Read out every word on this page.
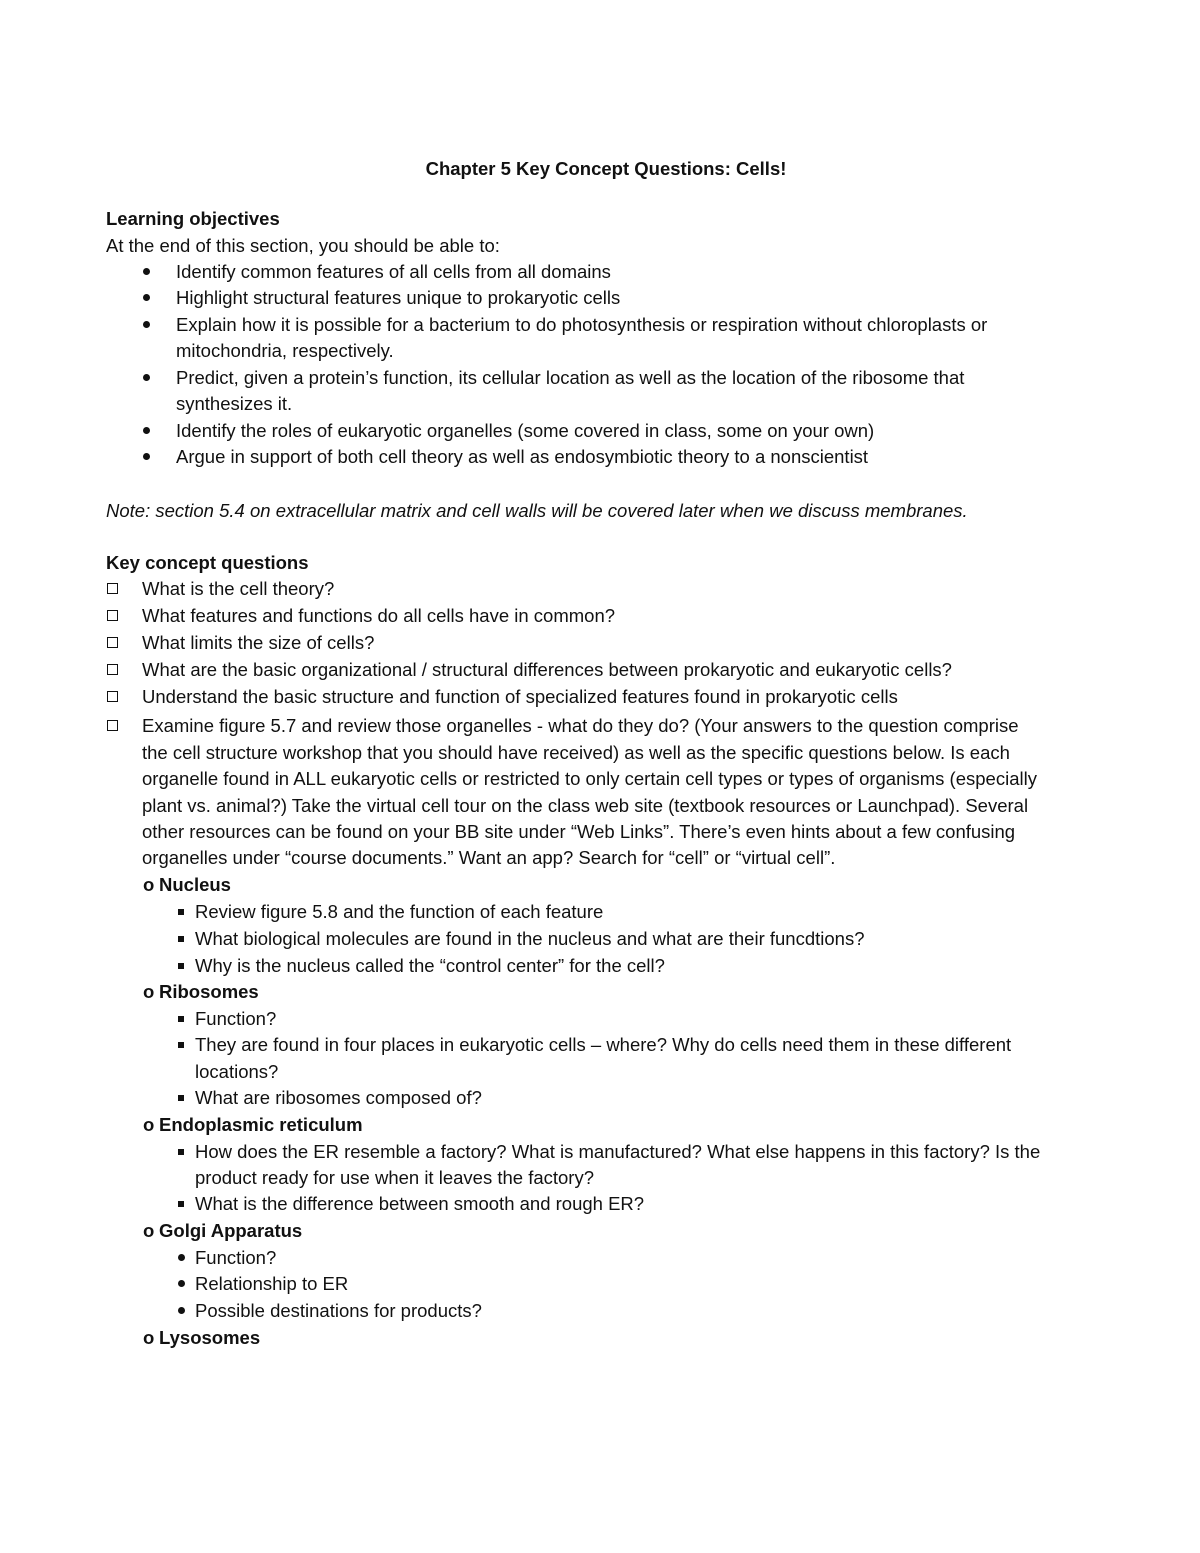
Chapter 5 Key Concept Questions: Cells!
Learning objectives
At the end of this section, you should be able to:
Identify common features of all cells from all domains
Highlight structural features unique to prokaryotic cells
Explain how it is possible for a bacterium to do photosynthesis or respiration without chloroplasts or
mitochondria, respectively.
Predict, given a protein’s function, its cellular location as well as the location of the ribosome that
synthesizes it.
Identify the roles of eukaryotic organelles (some covered in class, some on your own)
Argue in support of both cell theory as well as endosymbiotic theory to a nonscientist
Note: section 5.4 on extracellular matrix and cell walls will be covered later when we discuss membranes.
Key concept questions
What is the cell theory?
What features and functions do all cells have in common?
What limits the size of cells?
What are the basic organizational / structural differences between prokaryotic and eukaryotic cells?
Understand the basic structure and function of specialized features found in prokaryotic cells
Examine figure 5.7 and review those organelles - what do they do? (Your answers to the question comprise
the cell structure workshop that you should have received) as well as the specific questions below. Is each
organelle found in ALL eukaryotic cells or restricted to only certain cell types or types of organisms (especially
plant vs. animal?) Take the virtual cell tour on the class web site (textbook resources or Launchpad). Several
other resources can be found on your BB site under “Web Links”. There’s even hints about a few confusing
organelles under “course documents.” Want an app? Search for “cell” or “virtual cell”.
o Nucleus
Review figure 5.8 and the function of each feature
What biological molecules are found in the nucleus and what are their funcdtions?
Why is the nucleus called the “control center” for the cell?
o Ribosomes
Function?
They are found in four places in eukaryotic cells – where? Why do cells need them in these different
locations?
What are ribosomes composed of?
o Endoplasmic reticulum
How does the ER resemble a factory? What is manufactured? What else happens in this factory? Is the
product ready for use when it leaves the factory?
What is the difference between smooth and rough ER?
o Golgi Apparatus
Function?
Relationship to ER
Possible destinations for products?
o Lysosomes
